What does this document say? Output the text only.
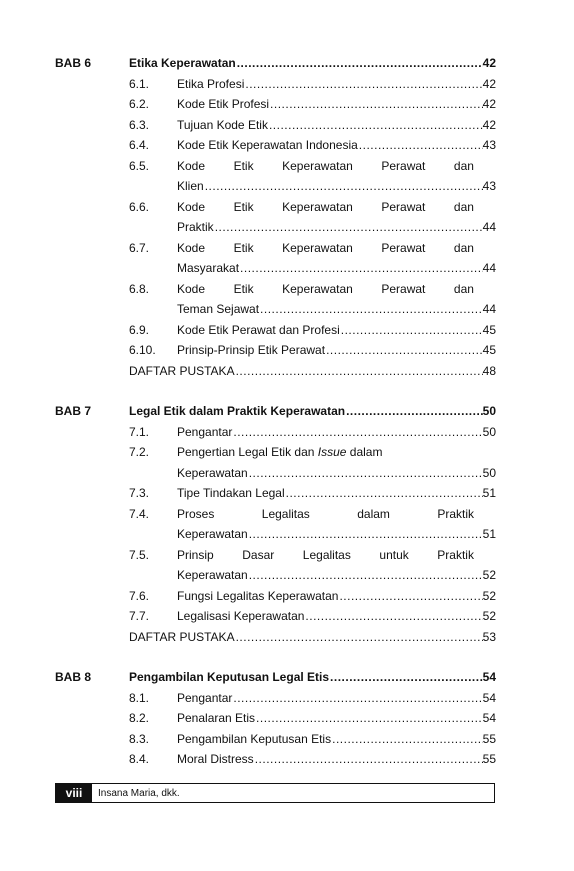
BAB 6	Etika Keperawatan .....	42
6.1.	Etika Profesi .....	42
6.2.	Kode Etik Profesi .....	42
6.3.	Tujuan Kode Etik .....	42
6.4.	Kode Etik Keperawatan Indonesia .....	43
6.5.	Kode Etik Keperawatan Perawat dan
Klien .....	43
6.6.	Kode Etik Keperawatan Perawat dan
Praktik .....	44
6.7.	Kode Etik Keperawatan Perawat dan
Masyarakat .....	44
6.8.	Kode Etik Keperawatan Perawat dan
Teman Sejawat .....	44
6.9.	Kode Etik Perawat dan Profesi .....	45
6.10.	Prinsip-Prinsip Etik Perawat .....	45
DAFTAR PUSTAKA .....	48
BAB 7	Legal Etik dalam Praktik Keperawatan .....	50
7.1.	Pengantar .....	50
7.2.	Pengertian Legal Etik dan Issue dalam
Keperawatan .....	50
7.3.	Tipe Tindakan Legal .....	51
7.4.	Proses	Legalitas	dalam	Praktik
Keperawatan .....	51
7.5.	Prinsip Dasar Legalitas untuk Praktik
Keperawatan .....	52
7.6.	Fungsi Legalitas Keperawatan .....	52
7.7.	Legalisasi Keperawatan .....	52
DAFTAR PUSTAKA .....	53
BAB 8	Pengambilan Keputusan Legal Etis .....	54
8.1.	Pengantar .....	54
8.2.	Penalaran Etis .....	54
8.3.	Pengambilan Keputusan Etis .....	55
8.4.	Moral Distress .....	55
viii	Insana Maria, dkk.
